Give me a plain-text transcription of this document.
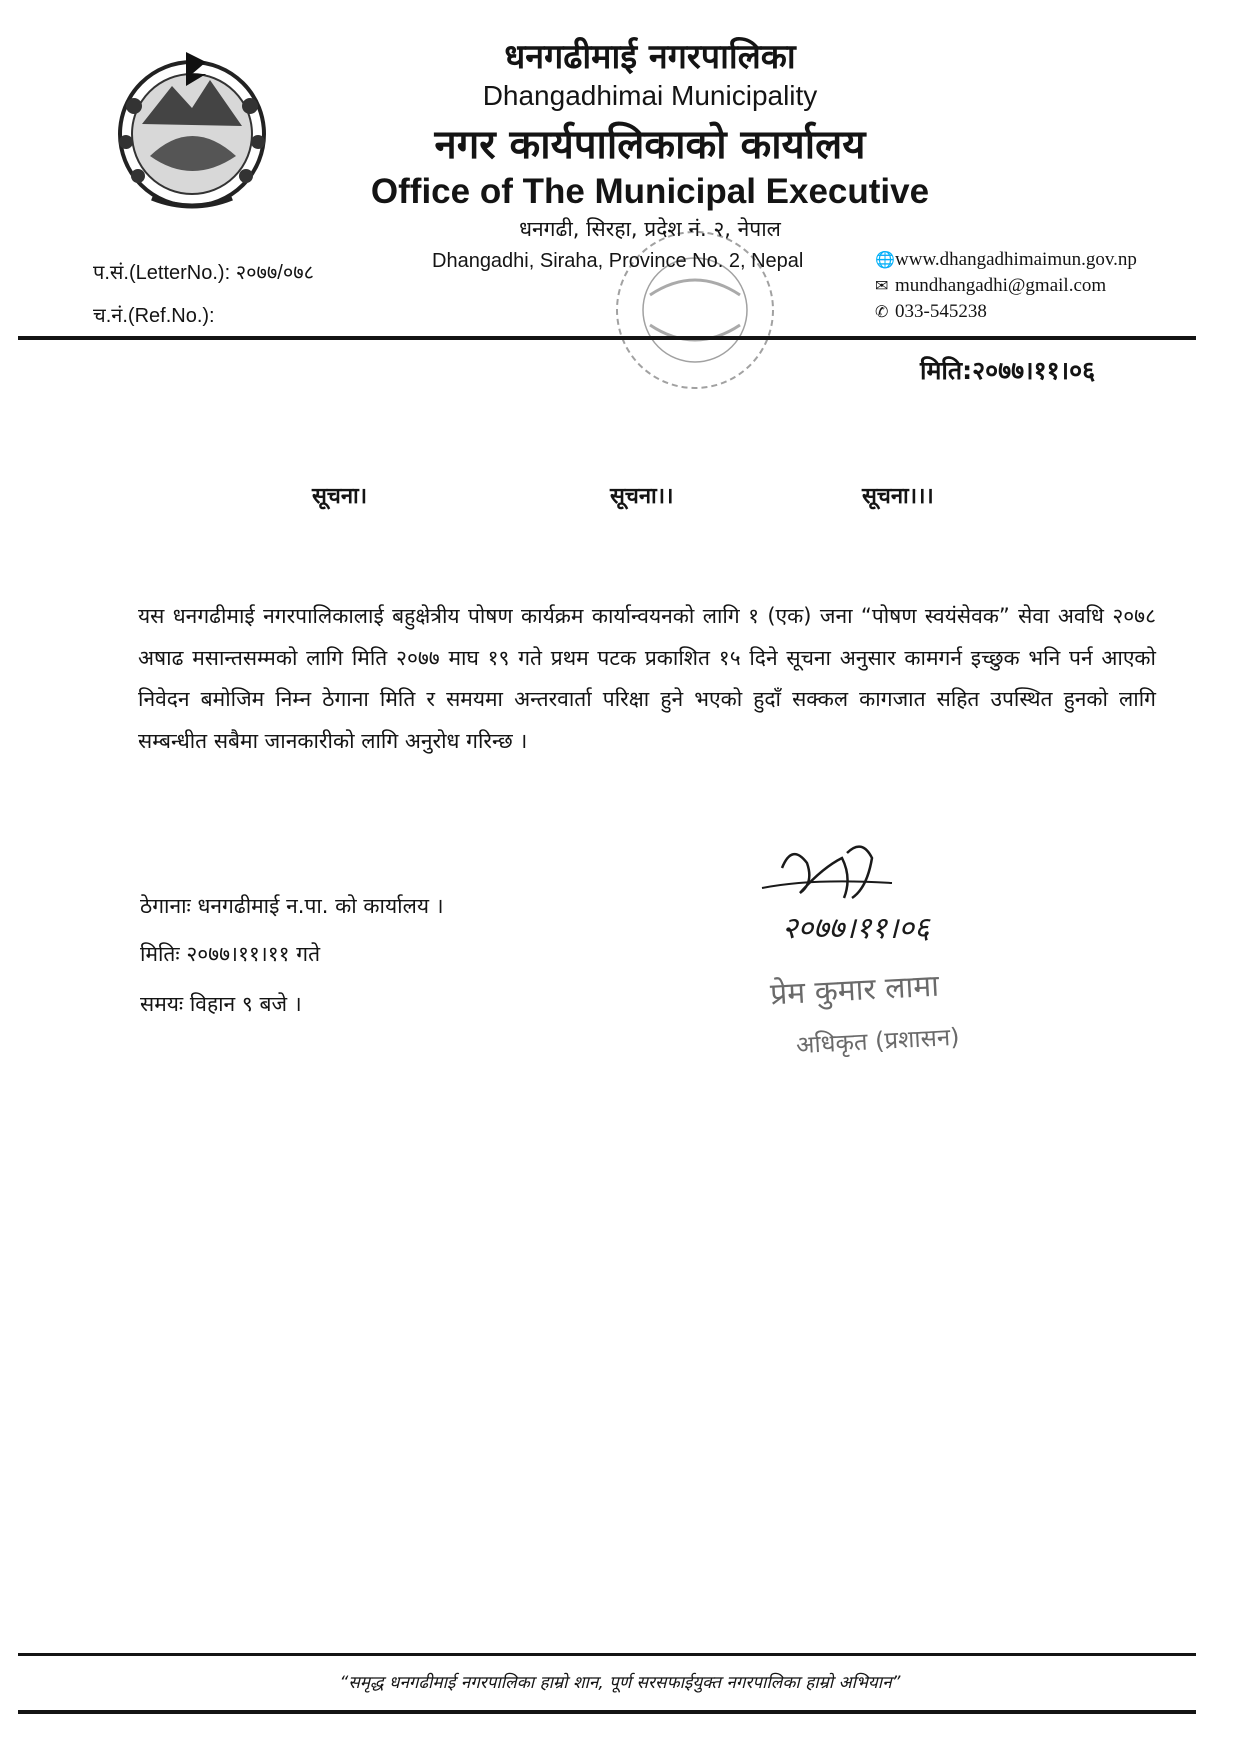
धनगढीमाई नगरपालिका
Dhangadhimai Municipality
नगर कार्यपालिकाको कार्यालय
Office of The Municipal Executive
धनगढी, सिरहा, प्रदेश नं. २, नेपाल
Dhangadhi, Siraha, Province No. 2, Nepal
प.सं.(LetterNo.): २०७७/०७८
च.नं.(Ref.No.):
🌐www.dhangadhimaimun.gov.np
✉ mundhangadhi@gmail.com
✆ 033-545238
मिति:२०७७।११।०६
सूचना।	सूचना।।	सूचना।।।
यस धनगढीमाई नगरपालिकालाई बहुक्षेत्रीय पोषण कार्यक्रम कार्यान्वयनको लागि १ (एक) जना “पोषण स्वयंसेवक” सेवा अवधि २०७८ अषाढ मसान्तसम्मको लागि मिति २०७७ माघ १९ गते प्रथम पटक प्रकाशित १५ दिने सूचना अनुसार कामगर्न इच्छुक भनि पर्न आएको निवेदन बमोजिम निम्न ठेगाना मिति र समयमा अन्तरवार्ता परिक्षा हुने भएको हुदाँ सक्कल कागजात सहित उपस्थित हुनको लागि सम्बन्धीत सबैमा जानकारीको लागि अनुरोध गरिन्छ ।
ठेगानाः धनगढीमाई न.पा. को कार्यालय ।
मितिः २०७७।११।११ गते
समयः विहान ९ बजे ।
२०७७।११।०६
प्रेम कुमार लामा
अधिकृत (प्रशासन)
“समृद्ध धनगढीमाई नगरपालिका हाम्रो शान, पूर्ण सरसफाईयुक्त नगरपालिका हाम्रो अभियान”
